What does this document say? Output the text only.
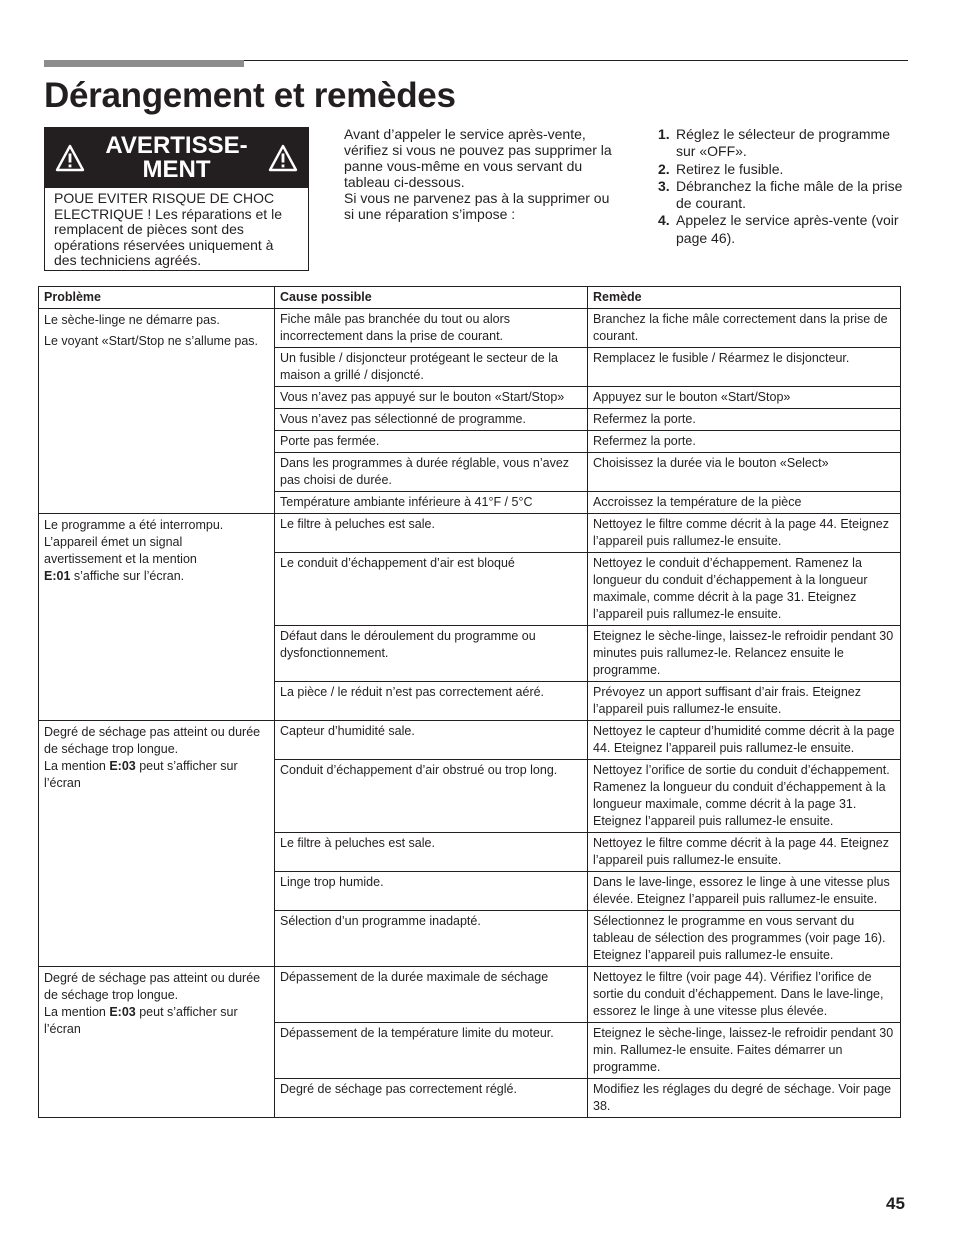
Dérangement et remèdes
AVERTISSE-
MENT
POUE EVITER RISQUE DE CHOC ELECTRIQUE ! Les réparations et le remplacent de pièces sont des opérations réservées uniquement à des techniciens agréés.

Avant d’appeler le service après-vente, vérifiez si vous ne pouvez pas supprimer la panne vous-même en vous servant du tableau ci-dessous.

Si vous ne parvenez pas à la supprimer ou si une réparation s’impose :

1. Réglez le sélecteur de programme sur «OFF».
2. Retirez le fusible.
3. Débranchez la fiche mâle de la prise de courant.
4. Appelez le service après-vente (voir page 46).
Problème	Cause possible	Remède

Le sèche-linge ne démarre pas.
Le voyant «Start/Stop ne s’allume pas.	Fiche mâle pas branchée du tout ou alors incorrectement dans la prise de courant.	Branchez la fiche mâle correctement dans la prise de courant.
	Un fusible / disjoncteur protégeant le secteur de la maison a grillé / disjoncté.	Remplacez le fusible / Réarmez le disjoncteur.
	Vous n’avez pas appuyé sur le bouton «Start/Stop»	Appuyez sur le bouton «Start/Stop»
	Vous n’avez pas sélectionné de programme.	Refermez la porte.
	Porte pas fermée.	Refermez la porte.
	Dans les programmes à durée réglable, vous n’avez pas choisi de durée.	Choisissez la durée via le bouton «Select»
	Température ambiante inférieure à 41°F / 5°C	Accroissez la température de la pièce

Le programme a été interrompu.
L’appareil émet un signal
avertissement et la mention
E:01 s’affiche sur l’écran.	Le filtre à peluches est sale.	Nettoyez le filtre comme décrit à la page 44. Eteignez l’appareil puis rallumez-le ensuite.
	Le conduit d’échappement d’air est bloqué	Nettoyez le conduit d’échappement. Ramenez la longueur du conduit d’échappement à la longueur maximale, comme décrit à la page 31. Eteignez l’appareil puis rallumez-le ensuite.
	Défaut dans le déroulement du programme ou dysfonctionnement.	Eteignez le sèche-linge, laissez-le refroidir pendant 30 minutes puis rallumez-le. Relancez ensuite le programme.
	La pièce / le réduit n’est pas correctement aéré.	Prévoyez un apport suffisant d’air frais. Eteignez l’appareil puis rallumez-le ensuite.

Degré de séchage pas atteint ou durée de séchage trop longue.
La mention E:03 peut s’afficher sur l’écran	Capteur d’humidité sale.	Nettoyez le capteur d’humidité comme décrit à la page 44. Eteignez l’appareil puis rallumez-le ensuite.
	Conduit d’échappement d’air obstrué ou trop long.	Nettoyez l’orifice de sortie du conduit d’échappement. Ramenez la longueur du conduit d’échappement à la longueur maximale, comme décrit à la page 31. Eteignez l’appareil puis rallumez-le ensuite.
	Le filtre à peluches est sale.	Nettoyez le filtre comme décrit à la page 44. Eteignez l’appareil puis rallumez-le ensuite.
	Linge trop humide.	Dans le lave-linge, essorez le linge à une vitesse plus élevée. Eteignez l’appareil puis rallumez-le ensuite.
	Sélection d’un programme inadapté.	Sélectionnez le programme en vous servant du tableau de sélection des programmes (voir page 16). Eteignez l’appareil puis rallumez-le ensuite.

Degré de séchage pas atteint ou durée de séchage trop longue.
La mention E:03 peut s’afficher sur l’écran	Dépassement de la durée maximale de séchage	Nettoyez le filtre (voir page 44). Vérifiez l’orifice de sortie du conduit d’échappement. Dans le lave-linge, essorez le linge à une vitesse plus élevée.
	Dépassement de la température limite du moteur.	Eteignez le sèche-linge, laissez-le refroidir pendant 30 min. Rallumez-le ensuite. Faites démarrer un programme.
	Degré de séchage pas correctement réglé.	Modifiez les réglages du degré de séchage. Voir page 38.
45
